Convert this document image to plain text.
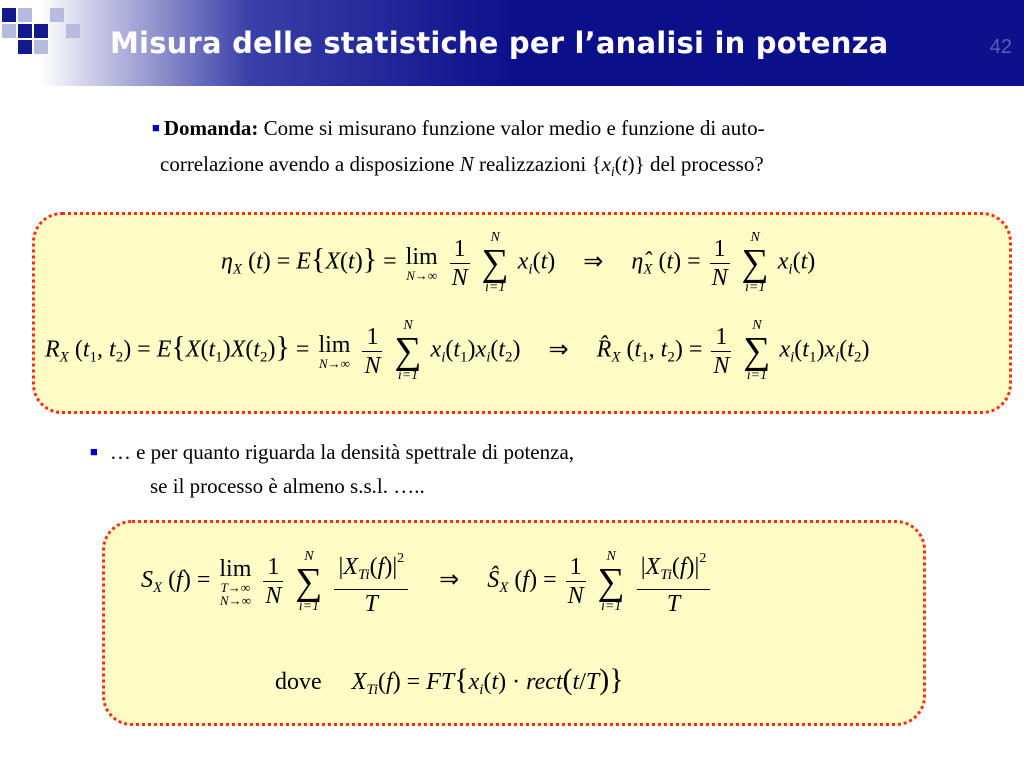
Misura delle statistiche per l’analisi in potenza	42
■ Domanda: Come si misurano funzione valor medio e funzione di auto-
correlazione avendo a disposizione N realizzazioni $\{x_i(t)\}$ del processo?
$\eta_X$ (t) = E{X(t)} = lim
N→∞
$\frac{1}{N}$
	N
∑
i=1
$x_i(t)$ ⇒ $\etâ_X$ $(t) = \frac{1}{N}$
	N
∑
i=1
$x_i(t)$
$R_X$ ($t_1$, $t_2) = E\{X(t_1)X(t_2)\} = \lim$
N→∞
$\frac{1}{N}$
	N
∑
i=1
$x_i(t_1)x_i(t_2)$ ⇒ $R̂_X$ ($t_1$, $t_2) = \frac{1}{N}$
	N
∑
i=1
$x_i(t_1)x_i(t_2)$
■ … e per quanto riguarda la densità spettrale di potenza,
se il processo è almeno s.s.l. …..
$S_X$ (f) = lim
T→∞
N→∞
$\frac{1}{N}$
	N
∑
i=1
$\frac{|X_{Ti}(f)|^2}{T}$ ⇒ $Ŝ_X$ $(f) = \frac{1}{N}$
	N
∑
i=1
$\frac{|X_{Ti}(f)|^2}{T}$
dove $X_{Ti}(f) = FT\{x_i(t)$ · rect(t/T)}
